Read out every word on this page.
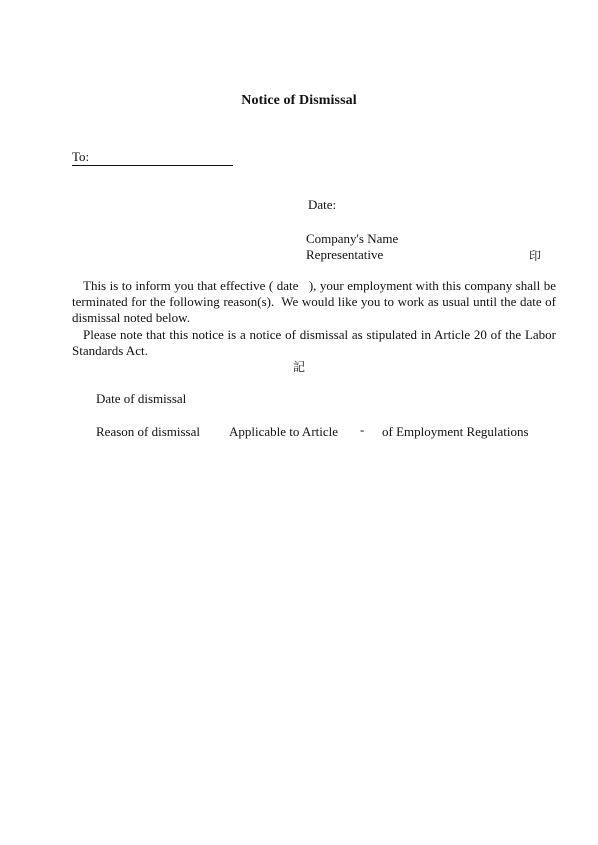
Notice of Dismissal
To:
Date:
Company's Name
Representative	印

This is to inform you that effective ( date   ), your employment with this company shall be terminated for the following reason(s).  We would like you to work as usual until the date of dismissal noted below.

Please note that this notice is a notice of dismissal as stipulated in Article 20 of the Labor Standards Act.

記
Date of dismissal
Reason of dismissal Applicable to Article - of Employment Regulations
